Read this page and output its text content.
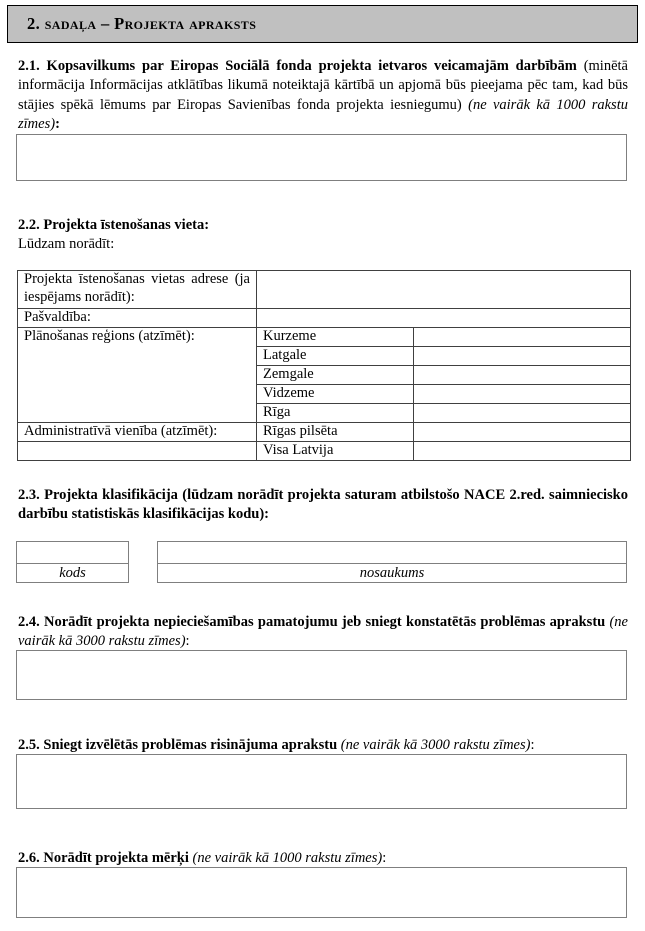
2. sadaļa – Projekta apraksts
2.1. Kopsavilkums par Eiropas Sociālā fonda projekta ietvaros veicamajām darbībām (minētā informācija Informācijas atklātības likumā noteiktajā kārtībā un apjomā būs pieejama pēc tam, kad būs stājies spēkā lēmums par Eiropas Savienības fonda projekta iesniegumu) (ne vairāk kā 1000 rakstu zīmes):
2.2. Projekta īstenošanas vieta:
Lūdzam norādīt:
Projekta īstenošanas vietas adrese (ja iespējams norādīt):		
Pašvaldība:		
Plānošanas reģions (atzīmēt):	Kurzeme	
	Latgale	
	Zemgale	
	Vidzeme	
	Rīga	
Administratīvā vienība (atzīmēt):	Rīgas pilsēta	
	Visa Latvija	
2.3. Projekta klasifikācija (lūdzam norādīt projekta saturam atbilstošo NACE 2.red. saimniecisko darbību statistiskās klasifikācijas kodu):

kods	nosaukums
2.4. Norādīt projekta nepieciešamības pamatojumu jeb sniegt konstatētās problēmas aprakstu (ne vairāk kā 3000 rakstu zīmes):
2.5. Sniegt izvēlētās problēmas risinājuma aprakstu (ne vairāk kā 3000 rakstu zīmes):
2.6. Norādīt projekta mērķi (ne vairāk kā 1000 rakstu zīmes):
